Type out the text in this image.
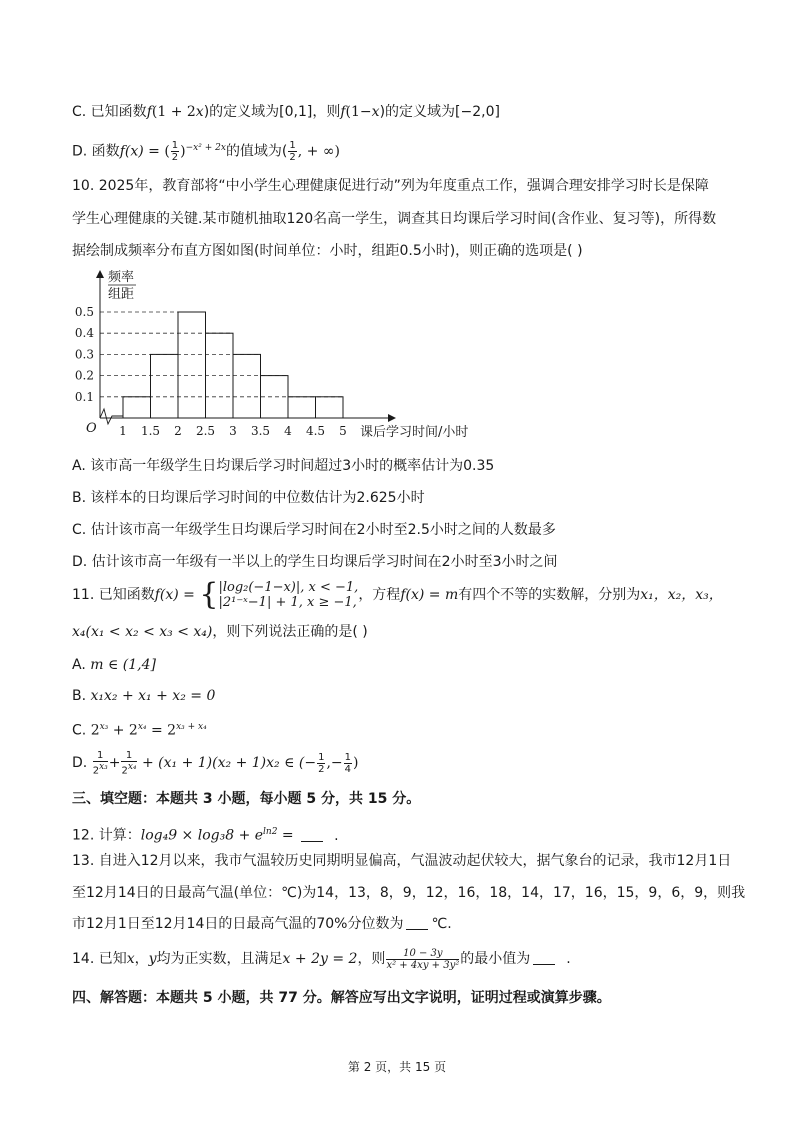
C. 已知函数f(1 + 2x)的定义域为[0,1]，则f(1−x)的定义域为[−2,0]
D. 函数f(x) = ( $\frac{1}{2} )^{-x^2 + 2x}$的值域为( $\frac{1}{2}$ , + ∞)
10. 2025年，教育部将“中小学生心理健康促进行动”列为年度重点工作，强调合理安排学习时长是保障
学生心理健康的关键.某市随机抽取120名高一学生，调查其日均课后学习时间(含作业、复习等)，所得数
据绘制成频率分布直方图如图(时间单位：小时，组距0.5小时)，则正确的选项是( )
0.1
0.2
0.3
0.4
0.5
1 1.5 2 2.5 3 3.5 4 4.5 5
O
频率
组距
课后学习时间/小时
A. 该市高一年级学生日均课后学习时间超过3小时的概率估计为0.35
B. 该样本的日均课后学习时间的中位数估计为2.625小时
C. 估计该市高一年级学生日均课后学习时间在2小时至2.5小时之间的人数最多
D. 估计该市高一年级有一半以上的学生日均课后学习时间在2小时至3小时之间
11. 已知函数f(x) = { |log₂(−1−x)|, x < −1,
|2¹⁻ˣ−1| + 1, x ≥ −1, ，方程f(x) = m有四个不等的实数解，分别为x₁，x₂，x₃，
x₄(x₁ < x₂ < x₃ < x₄)，则下列说法正确的是( )
A. m ∈ (1,4]
B. x₁x₂ + x₁ + x₂ = 0
C. $2^{x_3} + 2^{x_4} = 2^{x_3 + x_4}$
D. $\frac{1}{2^{x_3}} + \frac{1}{2^{x_4}} + (x_1 + 1)(x_2 + 1)x_2$ ∈ (− $\frac{1}{2}$ ,− $\frac{1}{4}$ )
三、填空题：本题共 3 小题，每小题 5 分，共 15 分。
12. 计算：$\log_49 \times \log_38 + e^{ln2}$ =	.
13. 自进入12月以来，我市气温较历史同期明显偏高，气温波动起伏较大，据气象台的记录，我市12月1日
至12月14日的日最高气温(单位：℃)为14，13，8，9，12，16，18，14，17，16，15，9，6，9，则我
市12月1日至12月14日的日最高气温的70%分位数为 ℃.
14. 已知x，y均为正实数，且满足x + 2y = 2，则 $\frac{10 - 3y}{\text{x² + 4xy + 3y²}}$ 的最小值为	.
四、解答题：本题共 5 小题，共 77 分。解答应写出文字说明，证明过程或演算步骤。
第 2 页，共 15 页
